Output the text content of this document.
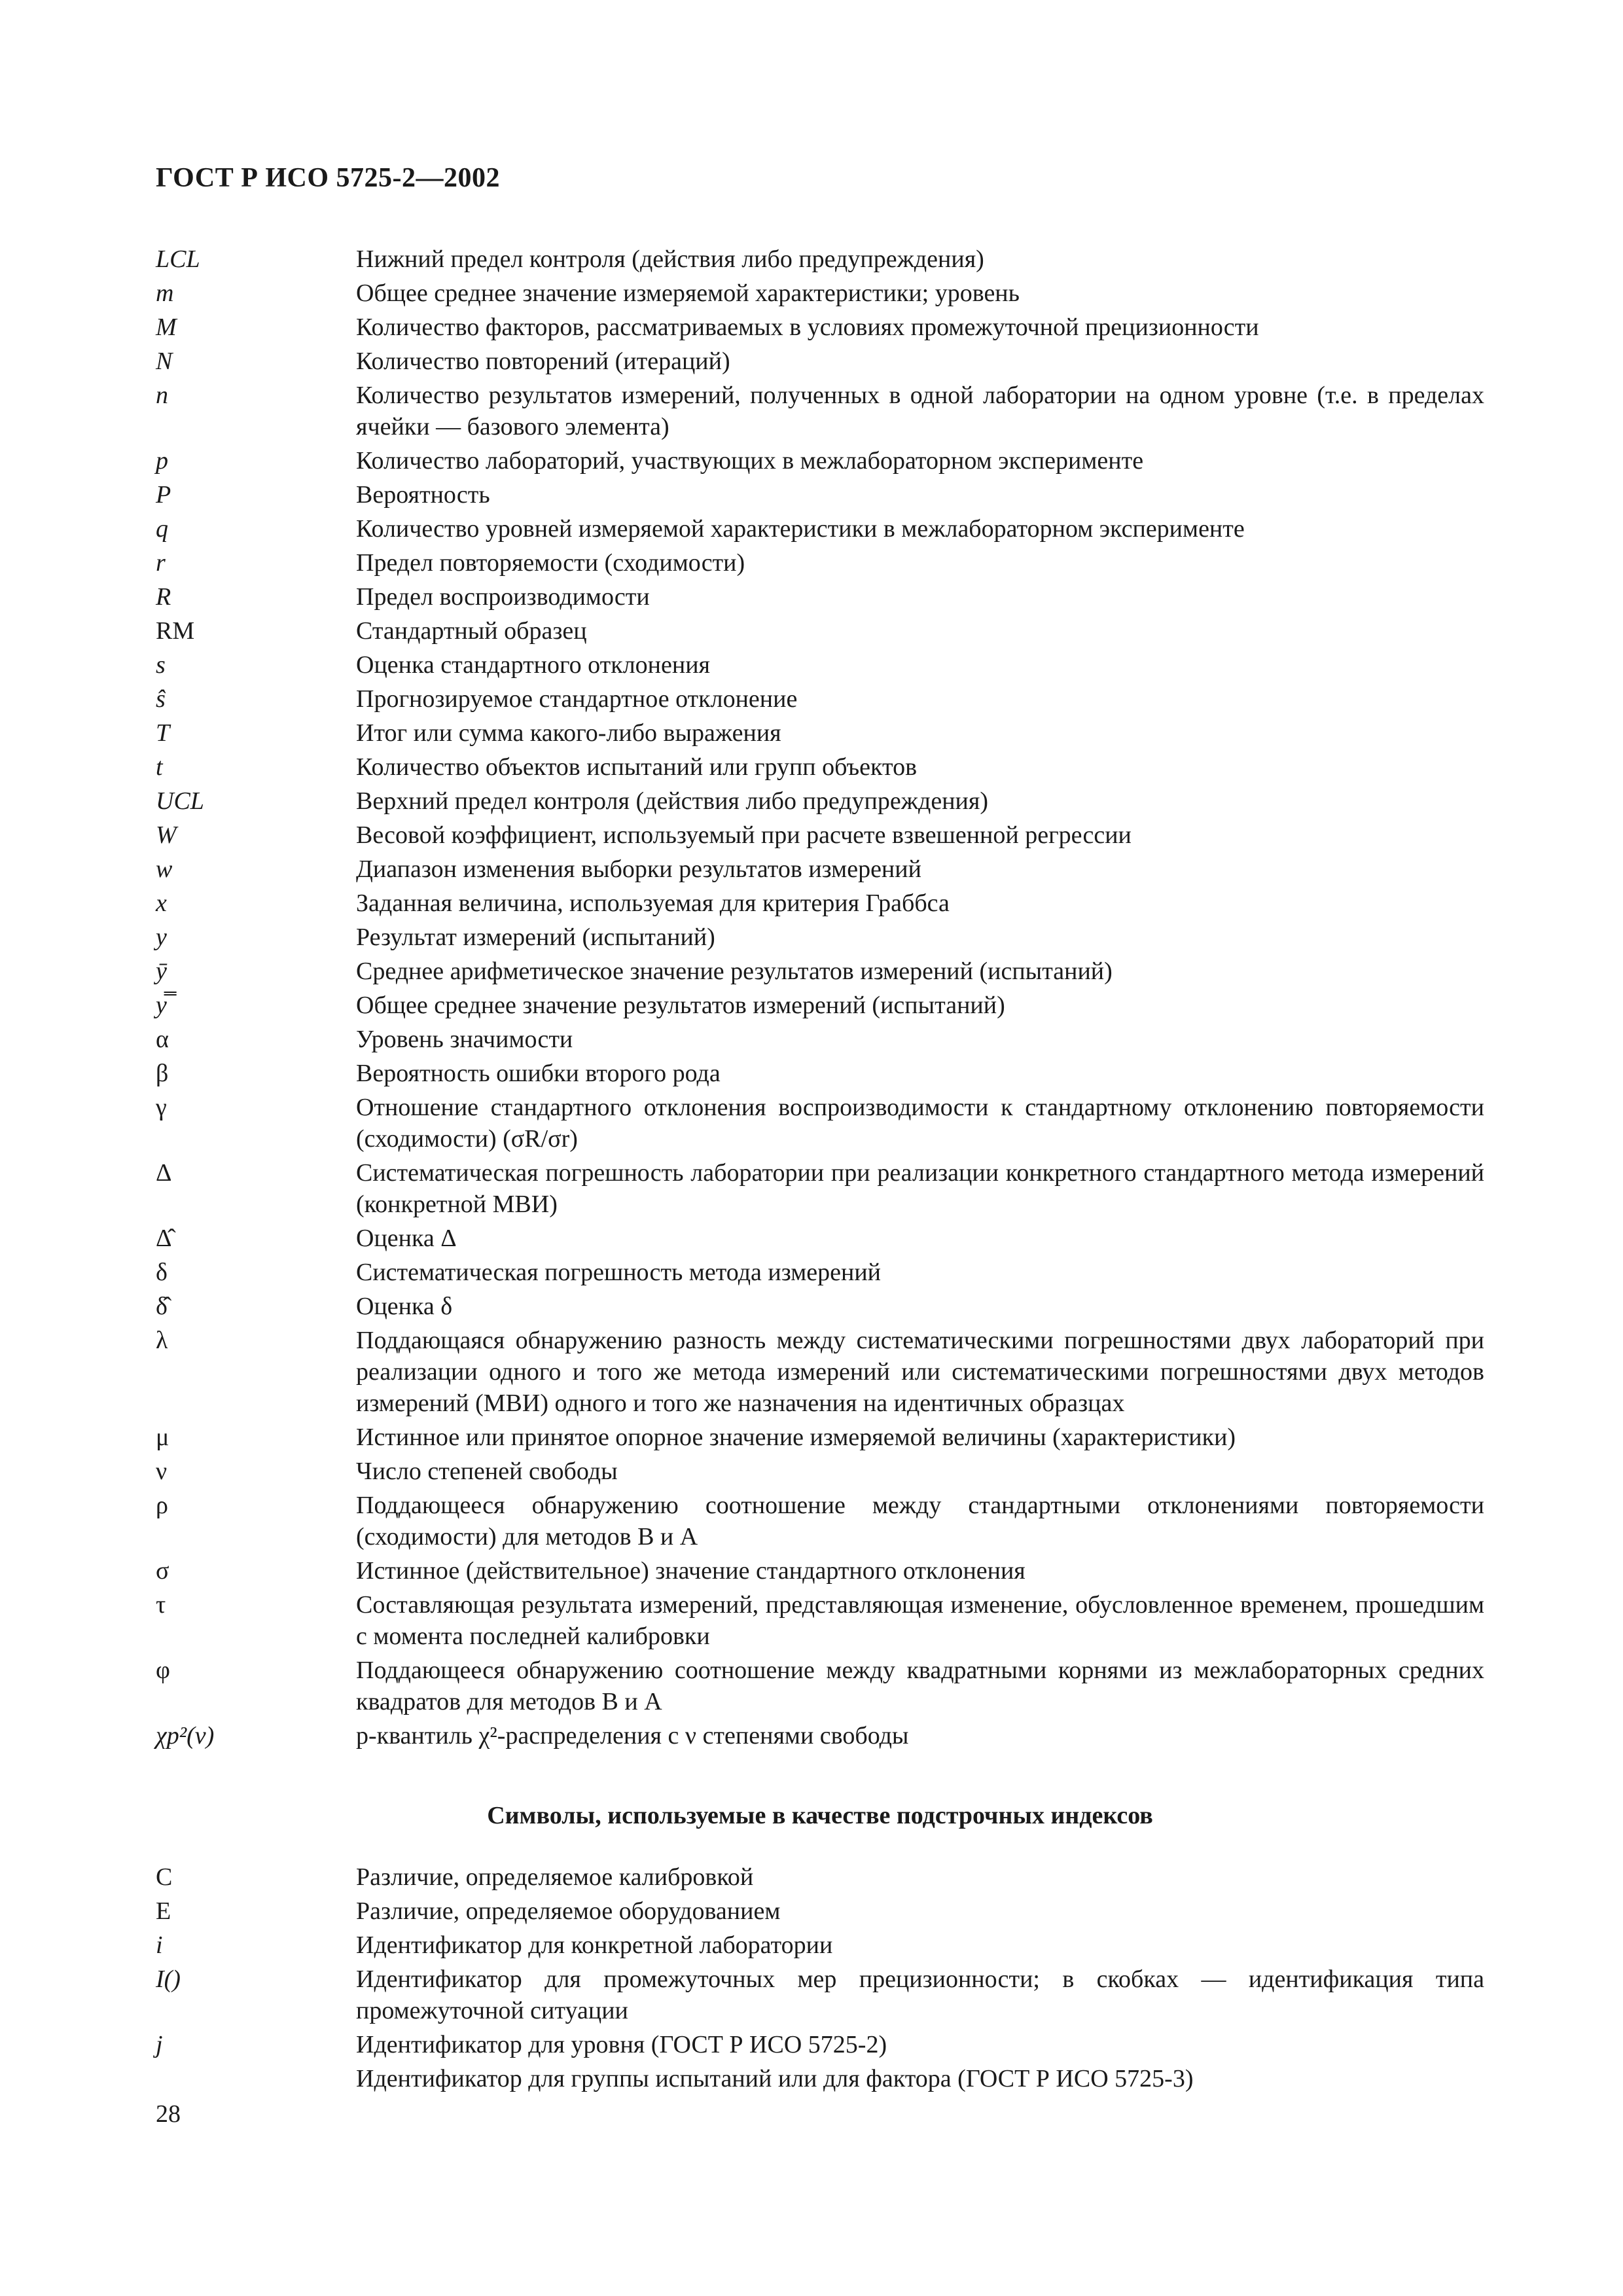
ГОСТ Р ИСО 5725-2—2002
LCL	Нижний предел контроля (действия либо предупреждения)
m	Общее среднее значение измеряемой характеристики; уровень
M	Количество факторов, рассматриваемых в условиях промежуточной прецизионности
N	Количество повторений (итераций)
n	Количество результатов измерений, полученных в одной лаборатории на одном уровне (т.е. в пределах ячейки — базового элемента)
p	Количество лабораторий, участвующих в межлабораторном эксперименте
P	Вероятность
q	Количество уровней измеряемой характеристики в межлабораторном эксперименте
r	Предел повторяемости (сходимости)
R	Предел воспроизводимости
RM	Стандартный образец
s	Оценка стандартного отклонения
ŝ	Прогнозируемое стандартное отклонение
T	Итог или сумма какого-либо выражения
t	Количество объектов испытаний или групп объектов
UCL	Верхний предел контроля (действия либо предупреждения)
W	Весовой коэффициент, используемый при расчете взвешенной регрессии
w	Диапазон изменения выборки результатов измерений
x	Заданная величина, используемая для критерия Граббса
y	Результат измерений (испытаний)
ȳ	Среднее арифметическое значение результатов измерений (испытаний)
y̿	Общее среднее значение результатов измерений (испытаний)
α	Уровень значимости
β	Вероятность ошибки второго рода
γ	Отношение стандартного отклонения воспроизводимости к стандартному отклонению повторяемости (сходимости) (σR/σr)
Δ	Систематическая погрешность лаборатории при реализации конкретного стандартного метода измерений (конкретной МВИ)
Δ̂	Оценка Δ
δ	Систематическая погрешность метода измерений
δ̂	Оценка δ
λ	Поддающаяся обнаружению разность между систематическими погрешностями двух лабораторий при реализации одного и того же метода измерений или систематическими погрешностями двух методов измерений (МВИ) одного и того же назначения на идентичных образцах
μ	Истинное или принятое опорное значение измеряемой величины (характеристики)
ν	Число степеней свободы
ρ	Поддающееся обнаружению соотношение между стандартными отклонениями повторяемости (сходимости) для методов В и А
σ	Истинное (действительное) значение стандартного отклонения
τ	Составляющая результата измерений, представляющая изменение, обусловленное временем, прошедшим с момента последней калибровки
φ	Поддающееся обнаружению соотношение между квадратными корнями из межлабораторных средних квадратов для методов В и А
χp²(ν)	p-квантиль χ²-распределения с ν степенями свободы
Символы, используемые в качестве подстрочных индексов
C	Различие, определяемое калибровкой
E	Различие, определяемое оборудованием
i	Идентификатор для конкретной лаборатории
I()	Идентификатор для промежуточных мер прецизионности; в скобках — идентификация типа промежуточной ситуации
j	Идентификатор для уровня (ГОСТ Р ИСО 5725-2)
Идентификатор для группы испытаний или для фактора (ГОСТ Р ИСО 5725-3)
28
